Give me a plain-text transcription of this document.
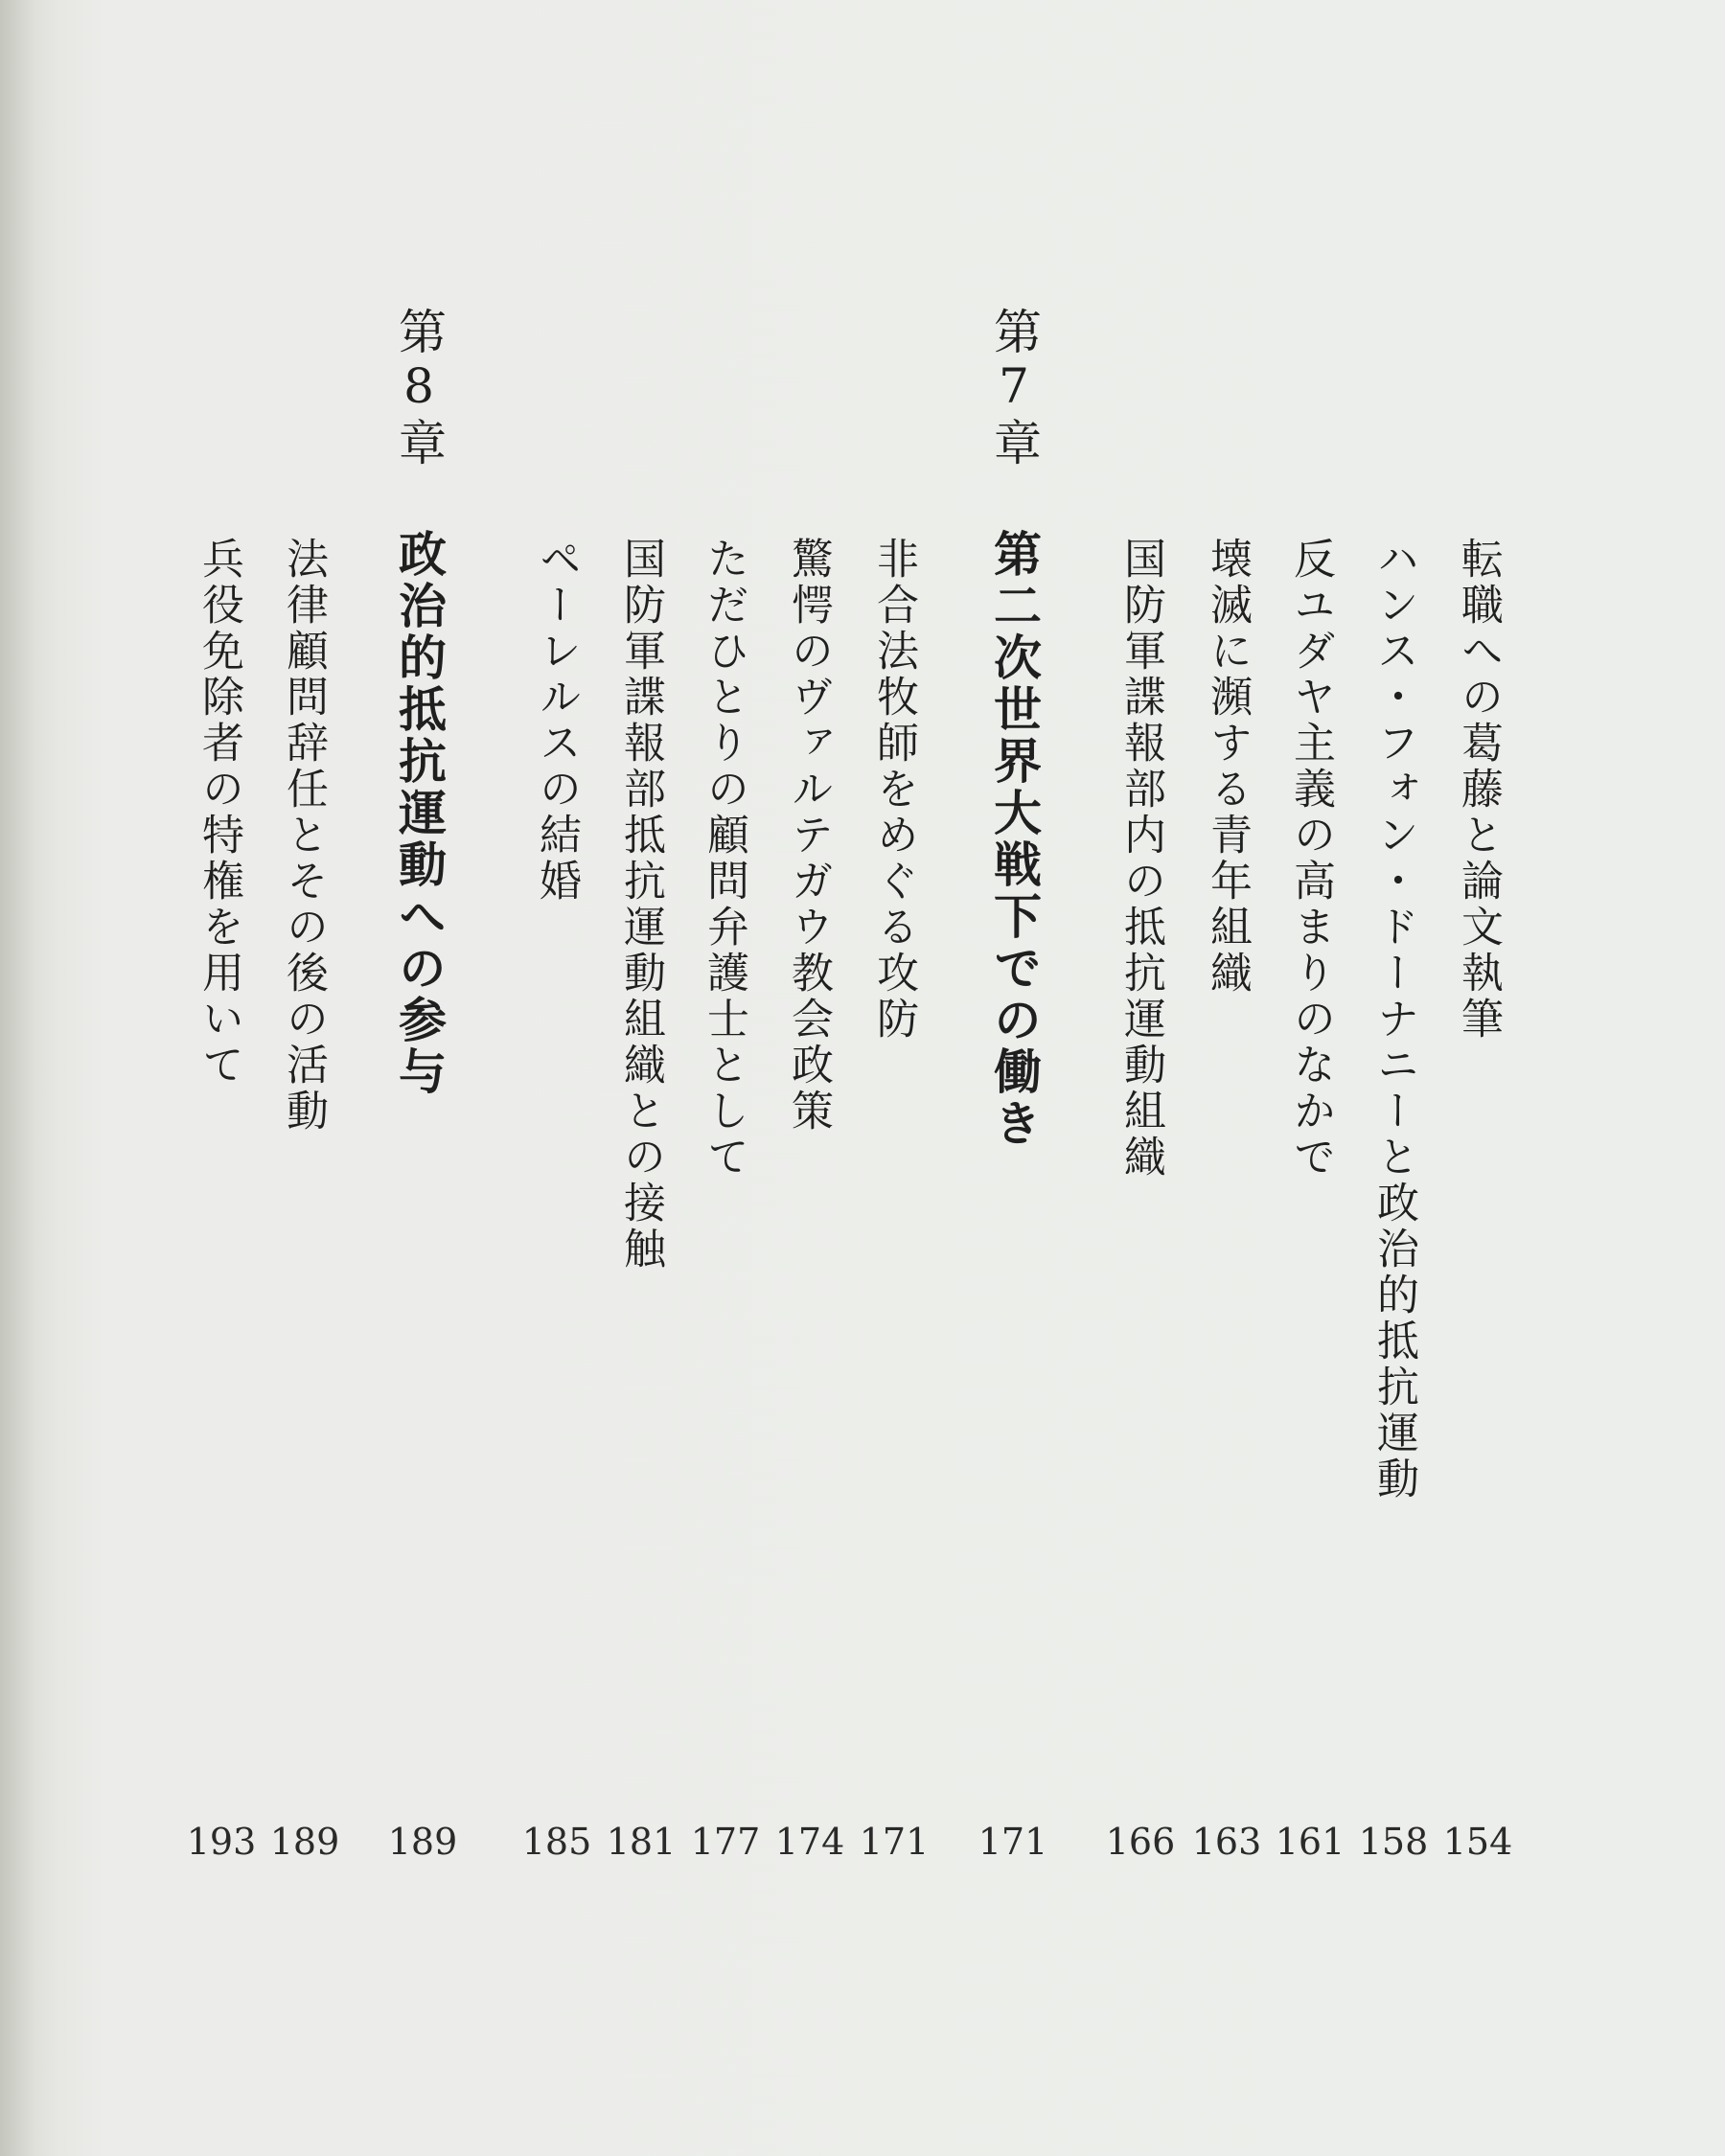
転職への葛藤と論文執筆
154
ハンス・フォン・ドーナニーと政治的抵抗運動
158
反ユダヤ主義の高まりのなかで
161
壊滅に瀕する青年組織
163
国防軍諜報部内の抵抗運動組織
166
第7章
第二次世界大戦下での働き
171
非合法牧師をめぐる攻防
171
驚愕のヴァルテガウ教会政策
174
ただひとりの顧問弁護士として
177
国防軍諜報部抵抗運動組織との接触
181
ペーレルスの結婚
185
第8章
政治的抵抗運動への参与
189
法律顧問辞任とその後の活動
189
兵役免除者の特権を用いて
193
